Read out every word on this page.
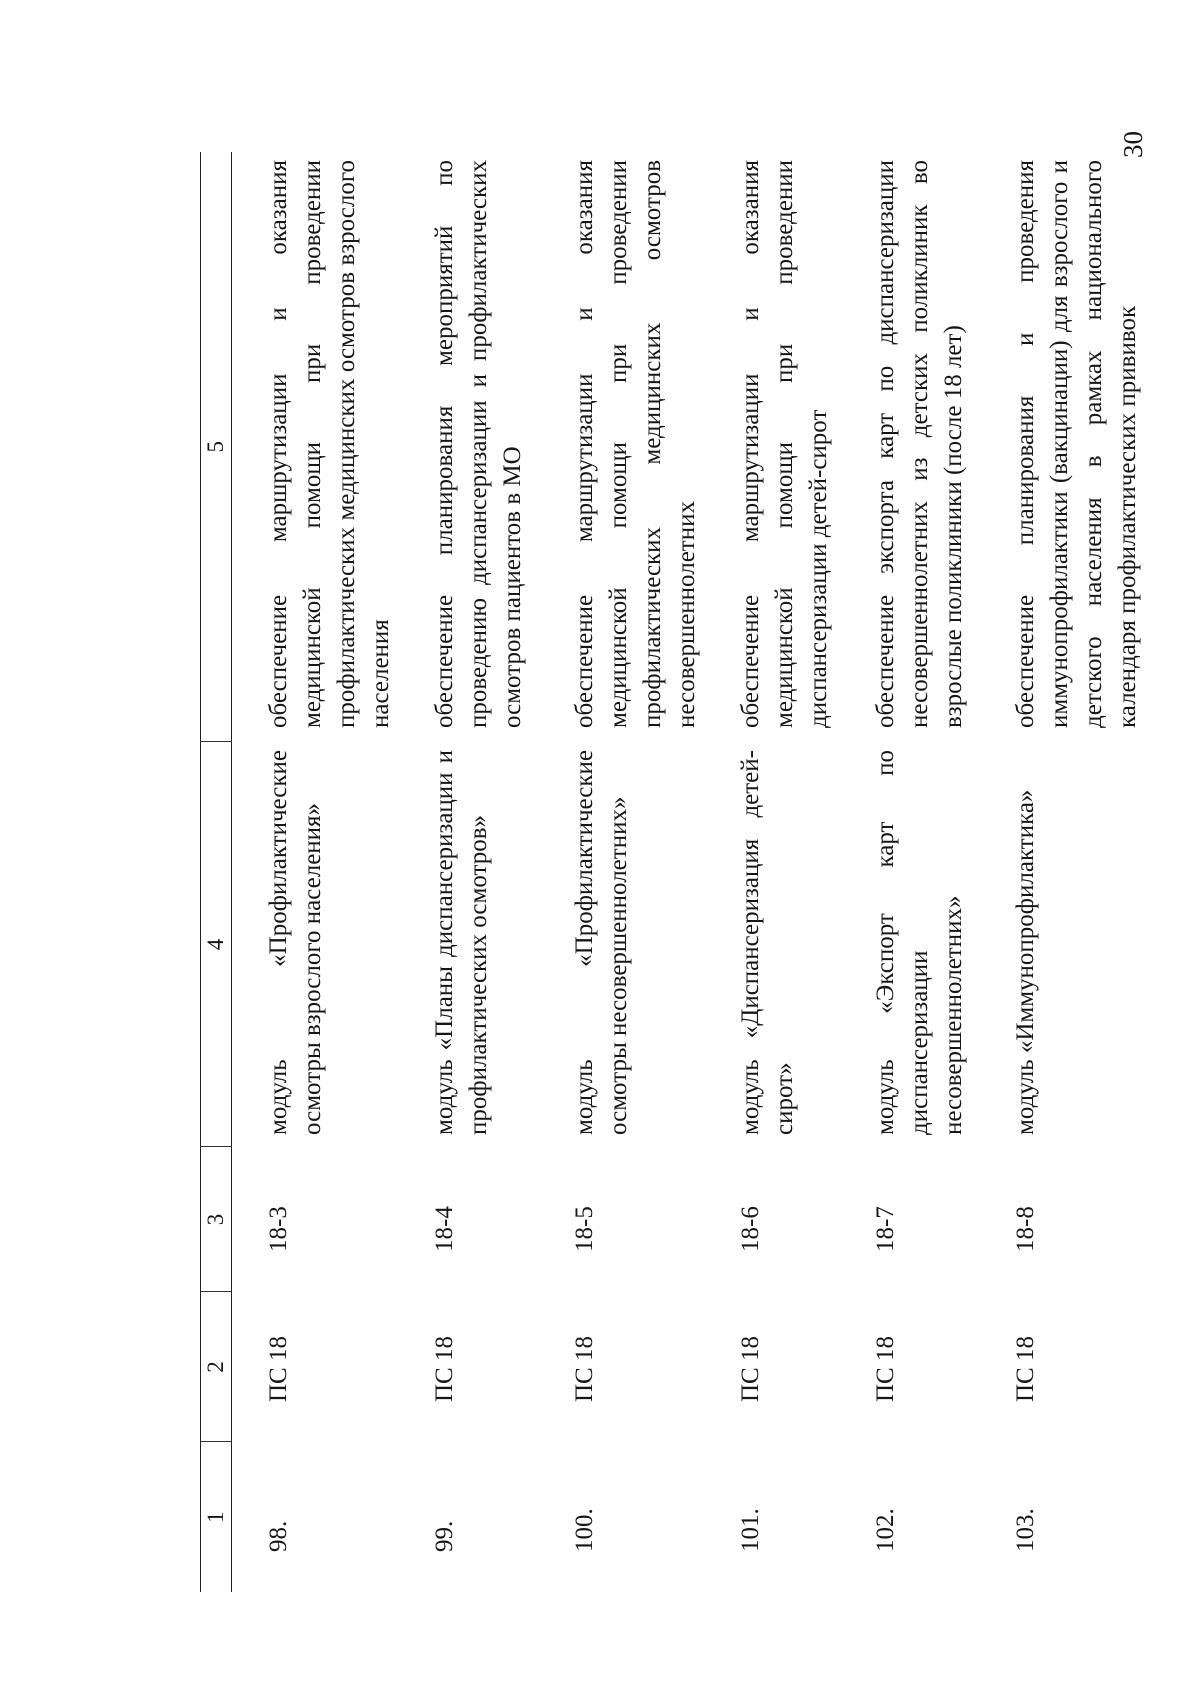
30
1	2	3	4	5
98.	ПС 18	18-3	модуль «Профилактические осмотры взрослого населения»	обеспечение маршрутизации и оказания медицинской помощи при проведении профилактических медицинских осмотров взрослого населения
99.	ПС 18	18-4	модуль «Планы диспансеризации и профилактических осмотров»	обеспечение планирования мероприятий по проведению диспансеризации и профилактических осмотров пациентов в МО
100.	ПС 18	18-5	модуль «Профилактические осмотры несовершеннолетних»	обеспечение маршрутизации и оказания медицинской помощи при проведении профилактических медицинских осмотров несовершеннолетних
101.	ПС 18	18-6	модуль «Диспансеризация детей-сирот»	обеспечение маршрутизации и оказания медицинской помощи при проведении диспансеризации детей-сирот
102.	ПС 18	18-7	модуль «Экспорт карт по диспансеризации несовершеннолетних»	обеспечение экспорта карт по диспансеризации несовершеннолетних из детских поликлиник во взрослые поликлиники (после 18 лет)
103.	ПС 18	18-8	модуль «Иммунопрофилактика»	обеспечение планирования и проведения иммунопрофилактики (вакцинации) для взрослого и детского населения в рамках национального календаря профилактических прививок
